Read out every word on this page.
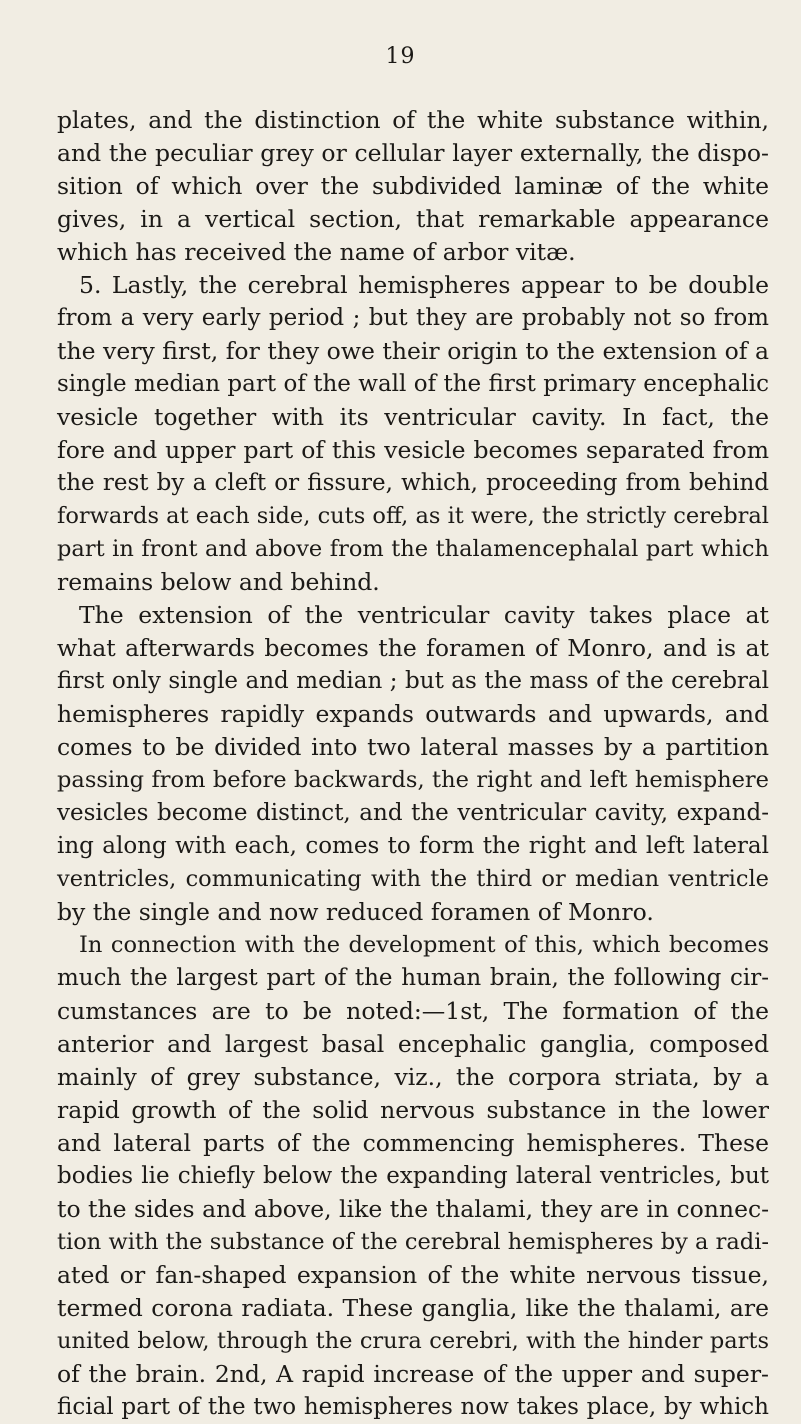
19
plates, and the distinction of the white substance within,
and the peculiar grey or cellular layer externally, the dispo-
sition of which over the subdivided laminæ of the white
gives, in a vertical section, that remarkable appearance
which has received the name of arbor vitæ.
5. Lastly, the cerebral hemispheres appear to be double
from a very early period ; but they are probably not so from
the very first, for they owe their origin to the extension of a
single median part of the wall of the first primary encephalic
vesicle together with its ventricular cavity. In fact, the
fore and upper part of this vesicle becomes separated from
the rest by a cleft or fissure, which, proceeding from behind
forwards at each side, cuts off, as it were, the strictly cerebral
part in front and above from the thalamencephalal part which
remains below and behind.
The extension of the ventricular cavity takes place at
what afterwards becomes the foramen of Monro, and is at
first only single and median ; but as the mass of the cerebral
hemispheres rapidly expands outwards and upwards, and
comes to be divided into two lateral masses by a partition
passing from before backwards, the right and left hemisphere
vesicles become distinct, and the ventricular cavity, expand-
ing along with each, comes to form the right and left lateral
ventricles, communicating with the third or median ventricle
by the single and now reduced foramen of Monro.
In connection with the development of this, which becomes
much the largest part of the human brain, the following cir-
cumstances are to be noted:—1st, The formation of the
anterior and largest basal encephalic ganglia, composed
mainly of grey substance, viz., the corpora striata, by a
rapid growth of the solid nervous substance in the lower
and lateral parts of the commencing hemispheres. These
bodies lie chiefly below the expanding lateral ventricles, but
to the sides and above, like the thalami, they are in connec-
tion with the substance of the cerebral hemispheres by a radi-
ated or fan-shaped expansion of the white nervous tissue,
termed corona radiata. These ganglia, like the thalami, are
united below, through the crura cerebri, with the hinder parts
of the brain. 2nd, A rapid increase of the upper and super-
ficial part of the two hemispheres now takes place, by which
